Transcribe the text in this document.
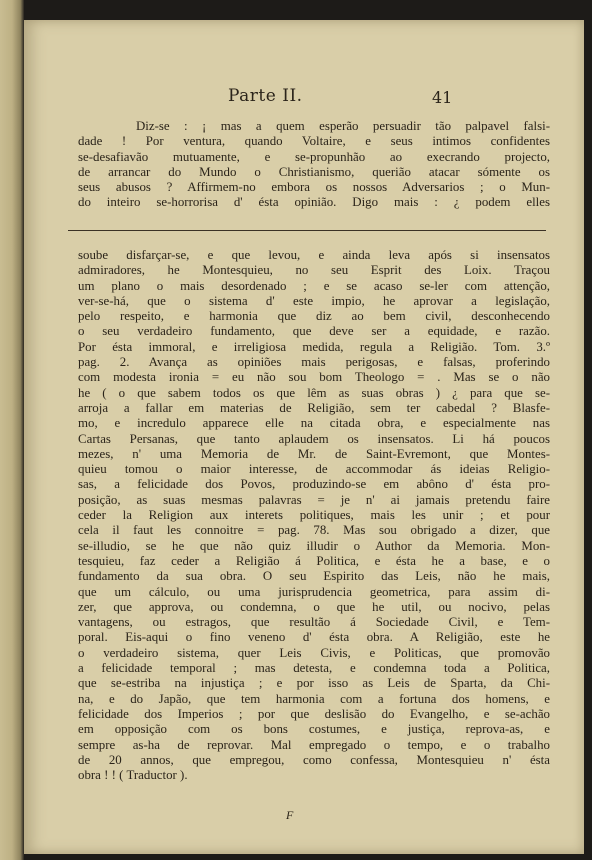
Parte II.	41
Diz-se : ¡ mas a quem esperão persuadir tão palpavel falsi-
dade ! Por ventura, quando Voltaire, e seus intimos confidentes
se-desafiavão mutuamente, e se-propunhão ao execrando projecto,
de arrancar do Mundo o Christianismo, querião atacar sómente os
seus abusos ? Affirmem-no embora os nossos Adversarios ; o Mun-
do inteiro se-horrorisa d' ésta opinião. Digo mais : ¿ podem elles
soube disfarçar-se, e que levou, e ainda leva após si insensatos
admiradores, he Montesquieu, no seu Esprit des Loix. Traçou
um plano o mais desordenado ; e se acaso se-ler com attenção,
ver-se-há, que o sistema d' este impio, he aprovar a legislação,
pelo respeito, e harmonia que diz ao bem civil, desconhecendo
o seu verdadeiro fundamento, que deve ser a equidade, e razão.
Por ésta immoral, e irreligiosa medida, regula a Religião. Tom. 3.º
pag. 2. Avança as opiniões mais perigosas, e falsas, proferindo
com modesta ironia = eu não sou bom Theologo = . Mas se o não
he ( o que sabem todos os que lêm as suas obras ) ¿ para que se-
arroja a fallar em materias de Religião, sem ter cabedal ? Blasfe-
mo, e incredulo apparece elle na citada obra, e especialmente nas
Cartas Persanas, que tanto aplaudem os insensatos. Li há poucos
mezes, n' uma Memoria de Mr. de Saint-Evremont, que Montes-
quieu tomou o maior interesse, de accommodar ás ideias Religio-
sas, a felicidade dos Povos, produzindo-se em abôno d' ésta pro-
posição, as suas mesmas palavras = je n' ai jamais pretendu faire
ceder la Religion aux interets politiques, mais les unir ; et pour
cela il faut les connoitre = pag. 78. Mas sou obrigado a dizer, que
se-illudio, se he que não quiz illudir o Author da Memoria. Mon-
tesquieu, faz ceder a Religião á Politica, e ésta he a base, e o
fundamento da sua obra. O seu Espirito das Leis, não he mais,
que um cálculo, ou uma jurisprudencia geometrica, para assim di-
zer, que approva, ou condemna, o que he util, ou nocivo, pelas
vantagens, ou estragos, que resultão á Sociedade Civil, e Tem-
poral. Eis-aqui o fino veneno d' ésta obra. A Religião, este he
o verdadeiro sistema, quer Leis Civis, e Politicas, que promovão
a felicidade temporal ; mas detesta, e condemna toda a Politica,
que se-estriba na injustiça ; e por isso as Leis de Sparta, da Chi-
na, e do Japão, que tem harmonia com a fortuna dos homens, e
felicidade dos Imperios ; por que deslisão do Evangelho, e se-achão
em opposição com os bons costumes, e justiça, reprova-as, e
sempre as-ha de reprovar. Mal empregado o tempo, e o trabalho
de 20 annos, que empregou, como confessa, Montesquieu n' ésta
obra ! ! ( Traductor ).
F
